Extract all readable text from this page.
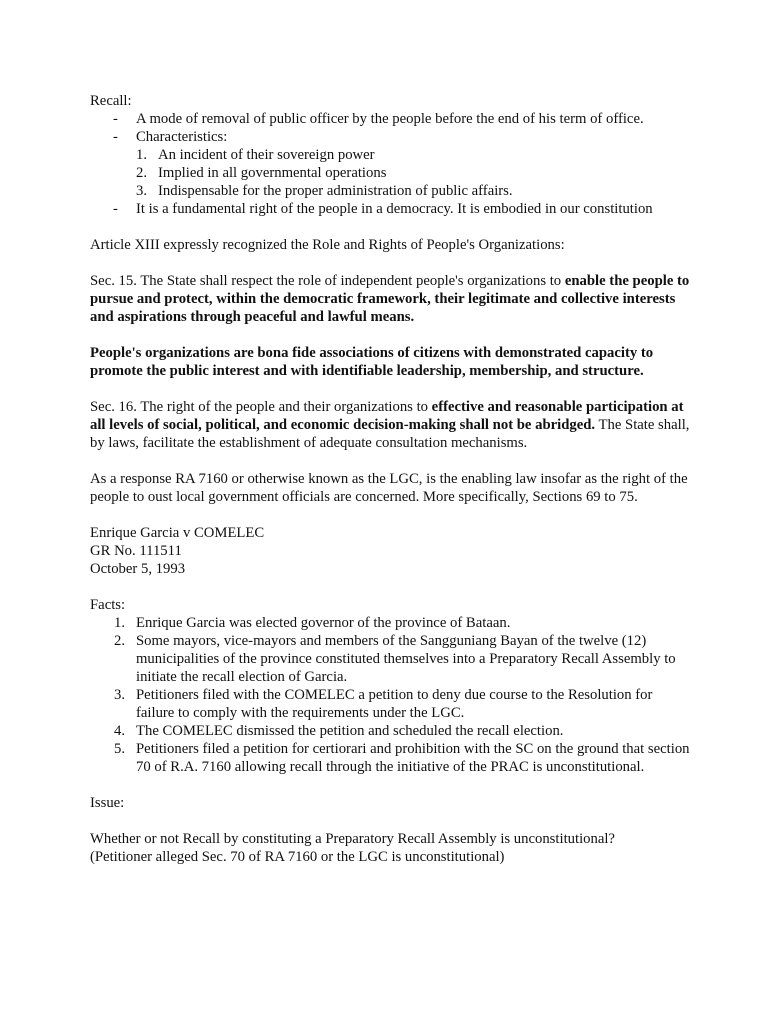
Recall:

- A mode of removal of public officer by the people before the end of his term of office.
- Characteristics:
1. An incident of their sovereign power
2. Implied in all governmental operations
3. Indispensable for the proper administration of public affairs.
- It is a fundamental right of the people in a democracy. It is embodied in our constitution

Article XIII expressly recognized the Role and Rights of People's Organizations:

Sec. 15. The State shall respect the role of independent people's organizations to enable the people to pursue and protect, within the democratic framework, their legitimate and collective interests and aspirations through peaceful and lawful means.

People's organizations are bona fide associations of citizens with demonstrated capacity to promote the public interest and with identifiable leadership, membership, and structure.

Sec. 16. The right of the people and their organizations to effective and reasonable participation at all levels of social, political, and economic decision-making shall not be abridged. The State shall, by laws, facilitate the establishment of adequate consultation mechanisms.

As a response RA 7160 or otherwise known as the LGC, is the enabling law insofar as the right of the people to oust local government officials are concerned. More specifically, Sections 69 to 75.

Enrique Garcia v COMELEC

GR No. 111511

October 5, 1993

Facts:

1. Enrique Garcia was elected governor of the province of Bataan.
2. Some mayors, vice-mayors and members of the Sangguniang Bayan of the twelve (12) municipalities of the province constituted themselves into a Preparatory Recall Assembly to initiate the recall election of Garcia.
3. Petitioners filed with the COMELEC a petition to deny due course to the Resolution for failure to comply with the requirements under the LGC.
4. The COMELEC dismissed the petition and scheduled the recall election.
5. Petitioners filed a petition for certiorari and prohibition with the SC on the ground that section 70 of R.A. 7160 allowing recall through the initiative of the PRAC is unconstitutional.

Issue:

Whether or not Recall by constituting a Preparatory Recall Assembly is unconstitutional?

(Petitioner alleged Sec. 70 of RA 7160 or the LGC is unconstitutional)
